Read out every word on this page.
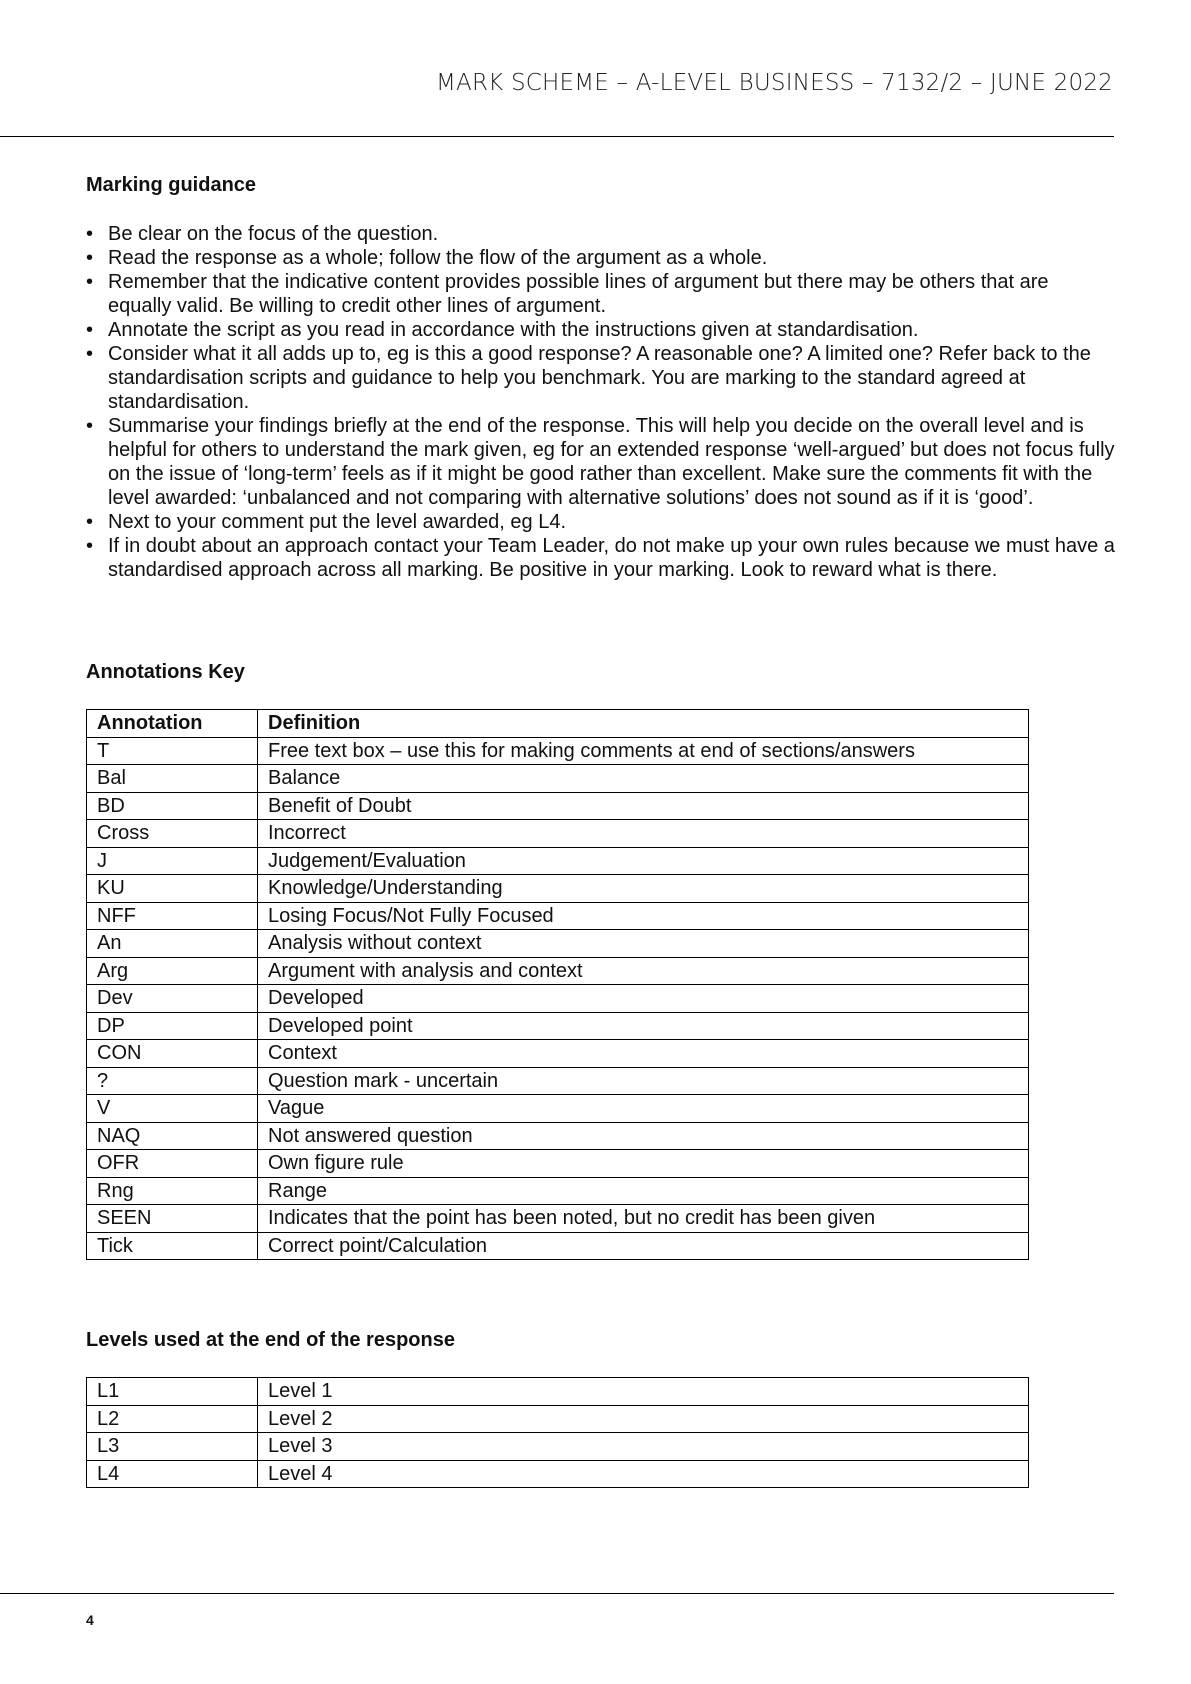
MARK SCHEME – A-LEVEL BUSINESS – 7132/2 – JUNE 2022
Marking guidance
• Be clear on the focus of the question.
• Read the response as a whole; follow the flow of the argument as a whole.
• Remember that the indicative content provides possible lines of argument but there may be others that are equally valid. Be willing to credit other lines of argument.
• Annotate the script as you read in accordance with the instructions given at standardisation.
• Consider what it all adds up to, eg is this a good response? A reasonable one? A limited one? Refer back to the standardisation scripts and guidance to help you benchmark. You are marking to the standard agreed at standardisation.
• Summarise your findings briefly at the end of the response. This will help you decide on the overall level and is helpful for others to understand the mark given, eg for an extended response ‘well-argued’ but does not focus fully on the issue of ‘long-term’ feels as if it might be good rather than excellent. Make sure the comments fit with the level awarded: ‘unbalanced and not comparing with alternative solutions’ does not sound as if it is ‘good’.
• Next to your comment put the level awarded, eg L4.
• If in doubt about an approach contact your Team Leader, do not make up your own rules because we must have a standardised approach across all marking. Be positive in your marking. Look to reward what is there.
Annotations Key
Annotation	Definition
T	Free text box – use this for making comments at end of sections/answers
Bal	Balance
BD	Benefit of Doubt
Cross	Incorrect
J	Judgement/Evaluation
KU	Knowledge/Understanding
NFF	Losing Focus/Not Fully Focused
An	Analysis without context
Arg	Argument with analysis and context
Dev	Developed
DP	Developed point
CON	Context
?	Question mark - uncertain
V	Vague
NAQ	Not answered question
OFR	Own figure rule
Rng	Range
SEEN	Indicates that the point has been noted, but no credit has been given
Tick	Correct point/Calculation
Levels used at the end of the response
L1	Level 1
L2	Level 2
L3	Level 3
L4	Level 4
4
